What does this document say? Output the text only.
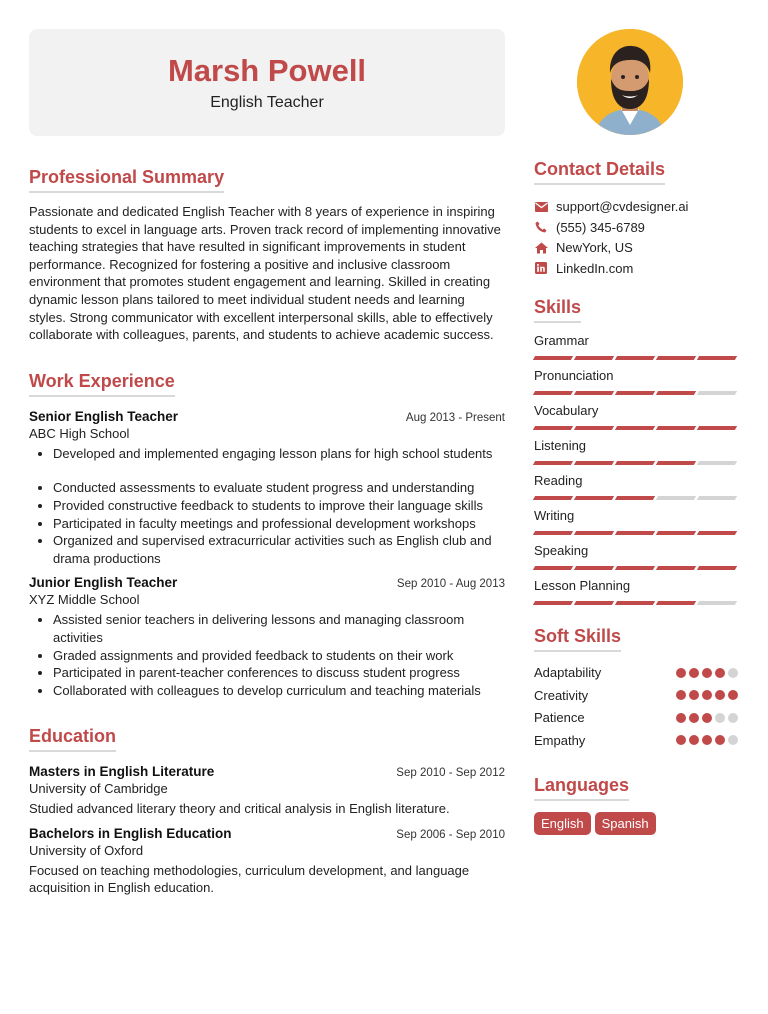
Marsh Powell
English Teacher
Professional Summary

Passionate and dedicated English Teacher with 8 years of experience in inspiring students to excel in language arts. Proven track record of implementing innovative teaching strategies that have resulted in significant improvements in student performance. Recognized for fostering a positive and inclusive classroom environment that promotes student engagement and learning. Skilled in creating dynamic lesson plans tailored to meet individual student needs and learning styles. Strong communicator with excellent interpersonal skills, able to effectively collaborate with colleagues, parents, and students to achieve academic success.

Work Experience
Senior English Teacher	Aug 2013 - Present
ABC High School
• Developed and implemented engaging lesson plans for high school students
• Conducted assessments to evaluate student progress and understanding
• Provided constructive feedback to students to improve their language skills
• Participated in faculty meetings and professional development workshops
• Organized and supervised extracurricular activities such as English club and drama productions
Junior English Teacher	Sep 2010 - Aug 2013
XYZ Middle School
• Assisted senior teachers in delivering lessons and managing classroom activities
• Graded assignments and provided feedback to students on their work
• Participated in parent-teacher conferences to discuss student progress
• Collaborated with colleagues to develop curriculum and teaching materials
Education
Masters in English Literature	Sep 2010 - Sep 2012
University of Cambridge

Studied advanced literary theory and critical analysis in English literature.

Bachelors in English Education	Sep 2006 - Sep 2010
University of Oxford

Focused on teaching methodologies, curriculum development, and language acquisition in English education.

Contact Details
support@cvdesigner.ai
(555) 345-6789
NewYork, US
LinkedIn.com
Skills
Grammar
Pronunciation
Vocabulary
Listening
Reading
Writing
Speaking
Lesson Planning
Soft Skills
Adaptability
Creativity
Patience
Empathy
Languages
English Spanish
